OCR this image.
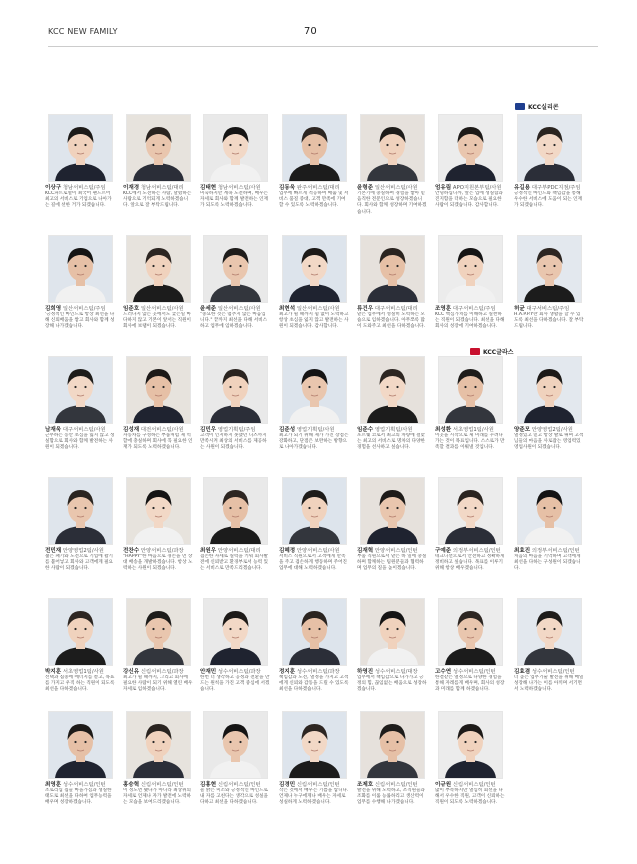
KCC NEW FAMILY	70
KCC실리콘
KCC글라스
이상구 청남서비스팀/주임
KCC파트로열이 최국어 팬드르어 최고의 서비스로 기업으로 나아가는 길에 선한 거가 되겠습니다.
이재경 청남서비스팀/대리
KCC에서 도전하는 사람, 달렸하는 사람으로 기억되게 노력하겠습니다. 앞으로 잘 부탁드립니다.
김태현 청남서비스팀/사원
미숙하지만 계속 도전하며, 배우는 자세로 회사와 함께 발전하는 인재가 되도록 노력하겠습니다.
김동욱 완주서비스팀/대리
업무에 빠르게 적응하여 매출 및 서비스 품질 증대, 고객 만족에 기여할 수 있도록 노력하겠습니다.
윤형준 일산서비스팀/사원
기본기에 충실하여 경험을 쌓아 믿음직한 전문인으로 성장하겠습니다. 회사와 함께 성장하며 기여하겠습니다.
엄유림 APO지원본부팀/사원
안녕하십니까, 앞은 업에 성실함과 진지함을 더하는 모습으로 필요한 사람이 되겠습니다. 감사합니다.
유길용 대구부PDC지점/주임
긍정적인 마인드와 책임감을 통해 우수한 서비스에 도움이 되는 인재가 되겠습니다.
김희영 일산서비스팀/주임
'긍정적인 마인드로 항상 최선을 다해 신뢰배움을 쌓고 회사와 함께 성장해 나가겠습니다.
임준호 일산서비스팀/사원
드러나지 않는 곳에서도 궂은일 마다하지 않고 기본이 앞서는 직원이 회사에 보탬이 되겠습니다.
윤세준 일산서비스팀/사원
"중요한 것은 멈추지 않는 마음입니다." 끝까지 최선을 다해 서비스하고 업무에 임하겠습니다.
최현석 일산서비스팀/사원
최고가 될 때까지 쉼 없이 노력하고 항상 초심을 잃지 않고 발전하는 사원이 되겠습니다. 감사합니다.
류건우 대구서비스팀/대리
맡은 업무에서 성실히 노력하는 모습으로 임하겠습니다. 아무쪼록 많이 도와주고 최선을 다하겠습니다.
조영훈 대구서비스팀/주임
KCC 핵심가치를 이해하고 실천하는 직원이 되겠습니다. 최선을 다해 회사의 성장에 기여하겠습니다.
허균 대구서비스팀/주임
H.A.P.P.Y란 회사 생활을 할 수 있도록 최선을 다하겠습니다. 잘 부탁드립니다.
남재욱 대구서비스팀/사원
근무하는 동안 초심을 잃지 않고 성실함으로 회사와 함께 발전하는 사원이 되겠습니다.
김성재 대전서비스팀/사원
자동차를 구성하는 부품처럼 제 역할에 충실하며 회사에 꼭 필요한 인재가 되도록 노력하겠습니다.
김민우 영업기획팀/주임
고객이 인지하지 못했던 니즈까지 만족시켜 최상의 서비스를 제공하는 사원이 되겠습니다.
김준성 영업기획팀/사원
최고가 되기 위해 제가 가진 장점은 강화하고, 단점은 보완하는 방향으로 나아가겠습니다.
임준수 영업기획팀/사원
포르쉐 코로서 최고의 차량에 걸맞는 최고의 서비스로 명차의 다양한 경험을 선사하고 싶습니다.
최성환 서초영업1팀/사원
이곳을 시작으로 제 미래를 꾸려나가는 것이 목표입니다. 스스로가 만족할 결과를 이뤄낼 것입니다.
양준모 안양영업2팀/사원
열정있고 믿고 항상 발로 뛰며 고객님들의 마음을 사로잡는 영업력있 영업사원이 되겠습니다.
전민재 안양영업2팀/사원
젊은 패기와 도전으로 기업에 활기를 불어넣고 회사와 고객에게 필요한 사람이 되겠습니다.
전찬수 안양서비스팀/과장
"HAPPY"한 마음으로 경손을 먼 상대 배송을 개발하겠습니다. 항상 노력하는 사원이 되겠습니다.
최원우 안양서비스팀/대리
겸손한 자세로 실력을 키워 회사발전에 신뢰받고 환경부로서 능력 있는 서비스로 만족드리겠습니다.
김혜정 안양서비스팀/사원
서비스 직원으로서 고객에게 만족을 주고 겸손하게 행동하며 주어진 업무에 대해 노력하겠습니다.
김재혁 안양서비스팀/인턴
부품 직원으로서 맡은 바 일에 충실하며 함께하는 팀원분들과 협력하며 업무의 질을 높이겠습니다.
구예준 의정부서비스팀/인턴
테크니션으로서 안전하고 정확하게 정비하고 싶습니다. 목표를 이루기 위해 항상 배우겠습니다.
최효진 의정부서비스팀/인턴
처음의 마음을 기억하며 고객에게 최선을 다하는 구성원이 되겠습니다.
박지훈 서초영업1팀/사원
선택과 집중에 에너지를 쏟고, 목표를 가지고 우직 하는 직원이 되도록 최선을 다하겠습니다.
강신유 신림서비스팀/과장
최고가 될 때까지, 그리고 회사에 필요한 사람이 되기 위해 열린 배우 자세로 임하겠습니다.
안재민 성수서비스팀/과장
한번 더 생각하고 공정과 전환을 만드는 원칙을 가진 고객 중심에 서겠습니다.
정지훈 성수서비스팀/과장
책임감과 도전, 열정을 가지고 고객에게 신뢰와 감동을 드릴 수 있도록 최선을 다하겠습니다.
하영진 성수서비스팀/대장
업무에서 책임감으로 다가가고 긍정의 힘, 끊임없는 배움으로 성장하겠습니다.
고수연 성수서비스팀/인턴
한결같은 열정으로 다양한 경험을 통해 자레를게 배우며, 회사의 성장과 미래를 함께 하겠습니다.
김효겸 성수서비스팀/인턴
더 높은 업무기술 발전을 위해 매일 성장해 나가는 이를 아끼며 서기면서 노력하겠습니다.
최영훈 성수서비스팀/인턴
조로리십 집들 마을가짐과 성실한 태도로 최선을 다하여 업무능력을 배우며 성장하겠습니다.
홍승혁 신림서비스팀/인턴
이 정도면 됐다가 아니라 최상위의 자세로 언제나 자가 발전에 노력하는 모습을 보여드리겠습니다.
김홍현 신림서비스팀/인턴
늘 밝은 미소와 긍정적인 마인드로 내 자를 고친다는 생각으로 성실을 다하고 최선을 다하겠습니다.
김경민 신림서비스팀/인턴
작은 것에서 배우는 기쁨을 압니다. 언제나 누구에게나 배우는 자세로 성실하게 노력하겠습니다.
조제호 신림서비스팀/인턴
발전을 위해 노력하고, 조직원들과 조화를 이룰 능률하리고 생산력이 업무를 수행해 나가겠습니다.
이규원 신림서비스팀/인턴
많이 부족하지만 열심히 회선을 다해서 우수한 직원, 고객이 신뢰하는 직원이 되도록 노력하겠습니다.
